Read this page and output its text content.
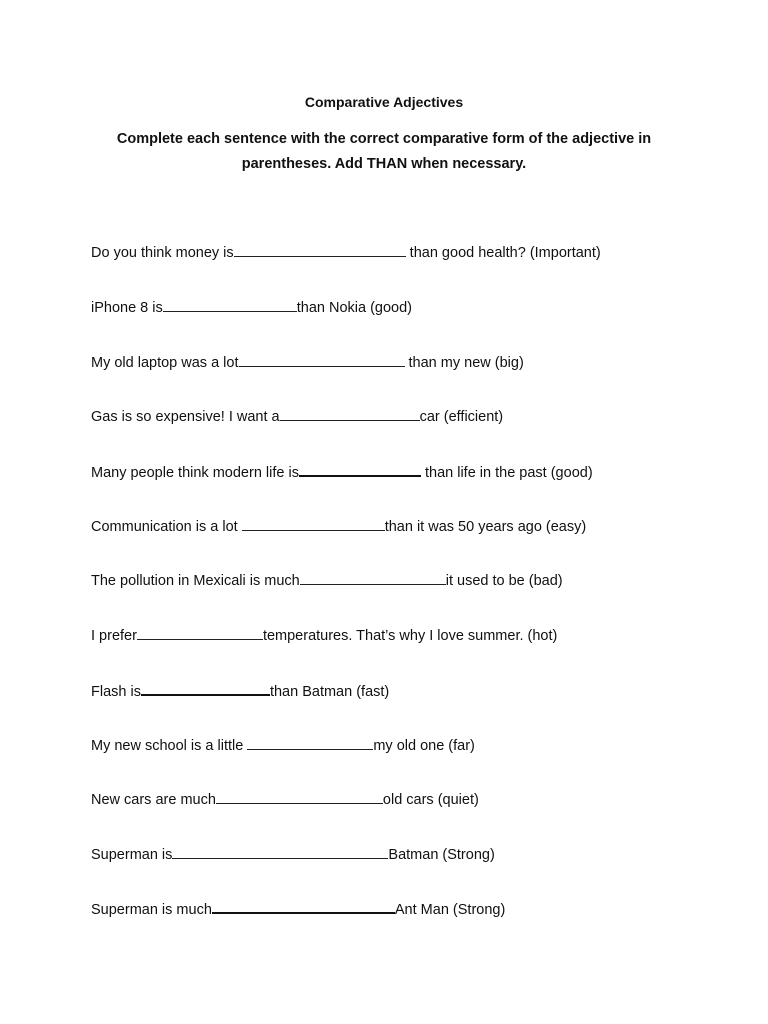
Comparative Adjectives
Complete each sentence with the correct comparative form of the adjective in parentheses. Add THAN when necessary.
Do you think money is	than good health? (Important)
iPhone 8 is	than Nokia (good)
My old laptop was a lot	than my new (big)
Gas is so expensive! I want a	car (efficient)
Many people think modern life is	than life in the past (good)
Communication is a lot	than it was 50 years ago (easy)
The pollution in Mexicali is much	it used to be (bad)
I prefer	temperatures. That’s why I love summer. (hot)
Flash is	than Batman (fast)
My new school is a little	my old one (far)
New cars are much	old cars (quiet)
Superman is	Batman (Strong)
Superman is much	Ant Man (Strong)
